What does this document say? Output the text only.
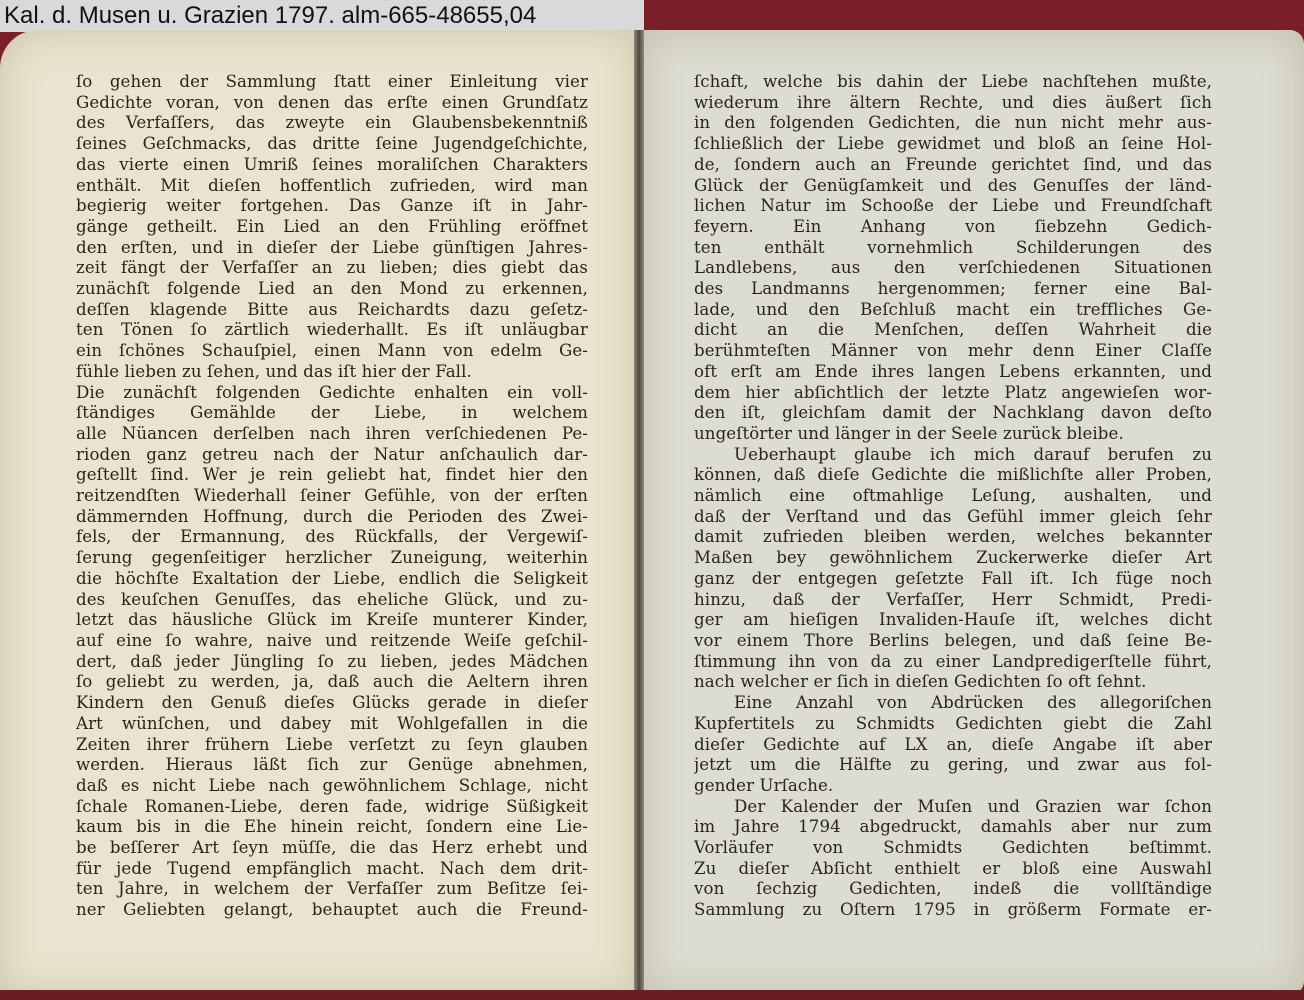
Kal. d. Musen u. Grazien 1797. alm-665-48655,04
ſo gehen der Sammlung ſtatt einer Einleitung vier
Gedichte voran, von denen das erſte einen Grundſatz
des Verfaſſers, das zweyte ein Glaubensbekenntniß
ſeines Geſchmacks, das dritte ſeine Jugendgeſchichte,
das vierte einen Umriß ſeines moraliſchen Charakters
enthält. Mit dieſen hoffentlich zufrieden, wird man
begierig weiter fortgehen. Das Ganze iſt in Jahr-
gänge getheilt. Ein Lied an den Frühling eröffnet
den erſten, und in dieſer der Liebe günſtigen Jahres-
zeit fängt der Verfaſſer an zu lieben; dies giebt das
zunächſt folgende Lied an den Mond zu erkennen,
deſſen klagende Bitte aus Reichardts dazu geſetz-
ten Tönen ſo zärtlich wiederhallt. Es iſt unläugbar
ein ſchönes Schauſpiel, einen Mann von edelm Ge-
fühle lieben zu ſehen, und das iſt hier der Fall.
Die zunächſt folgenden Gedichte enhalten ein voll-
ſtändiges Gemählde der Liebe, in welchem
alle Nüancen derſelben nach ihren verſchiedenen Pe-
rioden ganz getreu nach der Natur anſchaulich dar-
geſtellt ſind. Wer je rein geliebt hat, findet hier den
reitzendſten Wiederhall ſeiner Gefühle, von der erſten
dämmernden Hoffnung, durch die Perioden des Zwei-
fels, der Ermannung, des Rückfalls, der Vergewiſ-
ſerung gegenſeitiger herzlicher Zuneigung, weiterhin
die höchſte Exaltation der Liebe, endlich die Seligkeit
des keuſchen Genuſſes, das eheliche Glück, und zu-
letzt das häusliche Glück im Kreiſe munterer Kinder,
auf eine ſo wahre, naive und reitzende Weiſe geſchil-
dert, daß jeder Jüngling ſo zu lieben, jedes Mädchen
ſo geliebt zu werden, ja, daß auch die Aeltern ihren
Kindern den Genuß dieſes Glücks gerade in dieſer
Art wünſchen, und dabey mit Wohlgefallen in die
Zeiten ihrer frühern Liebe verſetzt zu ſeyn glauben
werden. Hieraus läßt ſich zur Genüge abnehmen,
daß es nicht Liebe nach gewöhnlichem Schlage, nicht
ſchale Romanen-Liebe, deren fade, widrige Süßigkeit
kaum bis in die Ehe hinein reicht, ſondern eine Lie-
be beſſerer Art ſeyn müſſe, die das Herz erhebt und
für jede Tugend empfänglich macht. Nach dem drit-
ten Jahre, in welchem der Verfaſſer zum Beſitze ſei-
ner Geliebten gelangt, behauptet auch die Freund-
ſchaft, welche bis dahin der Liebe nachſtehen mußte,
wiederum ihre ältern Rechte, und dies äußert ſich
in den folgenden Gedichten, die nun nicht mehr aus-
ſchließlich der Liebe gewidmet und bloß an ſeine Hol-
de, ſondern auch an Freunde gerichtet ſind, und das
Glück der Genügſamkeit und des Genuſſes der länd-
lichen Natur im Schooße der Liebe und Freundſchaft
feyern. Ein Anhang von ſiebzehn Gedich-
ten enthält vornehmlich Schilderungen des
Landlebens, aus den verſchiedenen Situationen
des Landmanns hergenommen; ferner eine Bal-
lade, und den Beſchluß macht ein treffliches Ge-
dicht an die Menſchen, deſſen Wahrheit die
berühmteſten Männer von mehr denn Einer Claſſe
oft erſt am Ende ihres langen Lebens erkannten, und
dem hier abſichtlich der letzte Platz angewieſen wor-
den iſt, gleichſam damit der Nachklang davon deſto
ungeſtörter und länger in der Seele zurück bleibe.
Ueberhaupt glaube ich mich darauf berufen zu
können, daß dieſe Gedichte die mißlichſte aller Proben,
nämlich eine oftmahlige Leſung, aushalten, und
daß der Verſtand und das Gefühl immer gleich ſehr
damit zufrieden bleiben werden, welches bekannter
Maßen bey gewöhnlichem Zuckerwerke dieſer Art
ganz der entgegen geſetzte Fall iſt. Ich füge noch
hinzu, daß der Verfaſſer, Herr Schmidt, Predi-
ger am hieſigen Invaliden-Hauſe iſt, welches dicht
vor einem Thore Berlins belegen, und daß ſeine Be-
ſtimmung ihn von da zu einer Landpredigerſtelle führt,
nach welcher er ſich in dieſen Gedichten ſo oft ſehnt.
Eine Anzahl von Abdrücken des allegoriſchen
Kupfertitels zu Schmidts Gedichten giebt die Zahl
dieſer Gedichte auf LX an, dieſe Angabe iſt aber
jetzt um die Hälfte zu gering, und zwar aus fol-
gender Urſache.
Der Kalender der Muſen und Grazien war ſchon
im Jahre 1794 abgedruckt, damahls aber nur zum
Vorläufer von Schmidts Gedichten beſtimmt.
Zu dieſer Abſicht enthielt er bloß eine Auswahl
von ſechzig Gedichten, indeß die vollſtändige
Sammlung zu Oſtern 1795 in größerm Formate er-
